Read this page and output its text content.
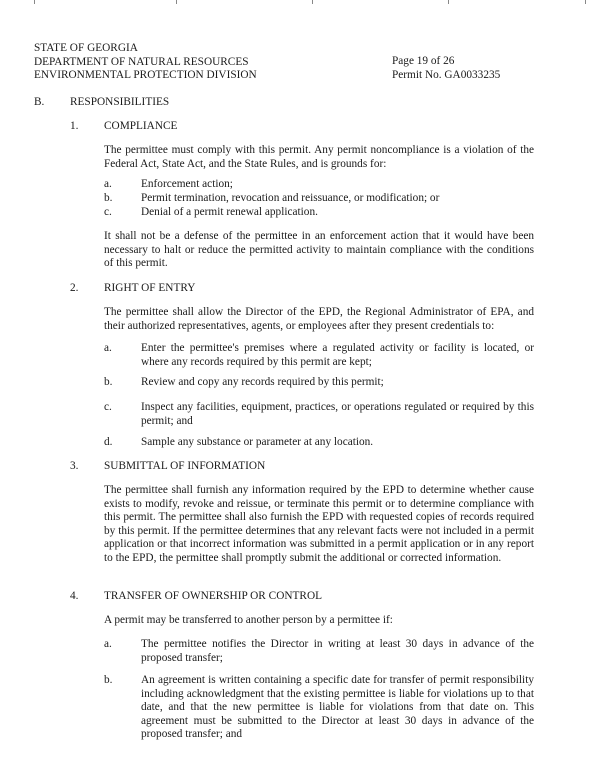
STATE OF GEORGIA
DEPARTMENT OF NATURAL RESOURCES
ENVIRONMENTAL PROTECTION DIVISION
Page 19 of 26
Permit No. GA0033235
B. RESPONSIBILITIES
1. COMPLIANCE
The permittee must comply with this permit. Any permit noncompliance is a violation of the Federal Act, State Act, and the State Rules, and is grounds for:
a.	Enforcement action;
b.	Permit termination, revocation and reissuance, or modification; or
c.	Denial of a permit renewal application.
It shall not be a defense of the permittee in an enforcement action that it would have been necessary to halt or reduce the permitted activity to maintain compliance with the conditions of this permit.
2. RIGHT OF ENTRY
The permittee shall allow the Director of the EPD, the Regional Administrator of EPA, and their authorized representatives, agents, or employees after they present credentials to:
a.	Enter the permittee's premises where a regulated activity or facility is located, or where any records required by this permit are kept;
b.	Review and copy any records required by this permit;
c.	Inspect any facilities, equipment, practices, or operations regulated or required by this permit; and
d.	Sample any substance or parameter at any location.
3. SUBMITTAL OF INFORMATION
The permittee shall furnish any information required by the EPD to determine whether cause exists to modify, revoke and reissue, or terminate this permit or to determine compliance with this permit. The permittee shall also furnish the EPD with requested copies of records required by this permit. If the permittee determines that any relevant facts were not included in a permit application or that incorrect information was submitted in a permit application or in any report to the EPD, the permittee shall promptly submit the additional or corrected information.
4. TRANSFER OF OWNERSHIP OR CONTROL
A permit may be transferred to another person by a permittee if:
a.	The permittee notifies the Director in writing at least 30 days in advance of the proposed transfer;
b.	An agreement is written containing a specific date for transfer of permit responsibility including acknowledgment that the existing permittee is liable for violations up to that date, and that the new permittee is liable for violations from that date on. This agreement must be submitted to the Director at least 30 days in advance of the proposed transfer; and
